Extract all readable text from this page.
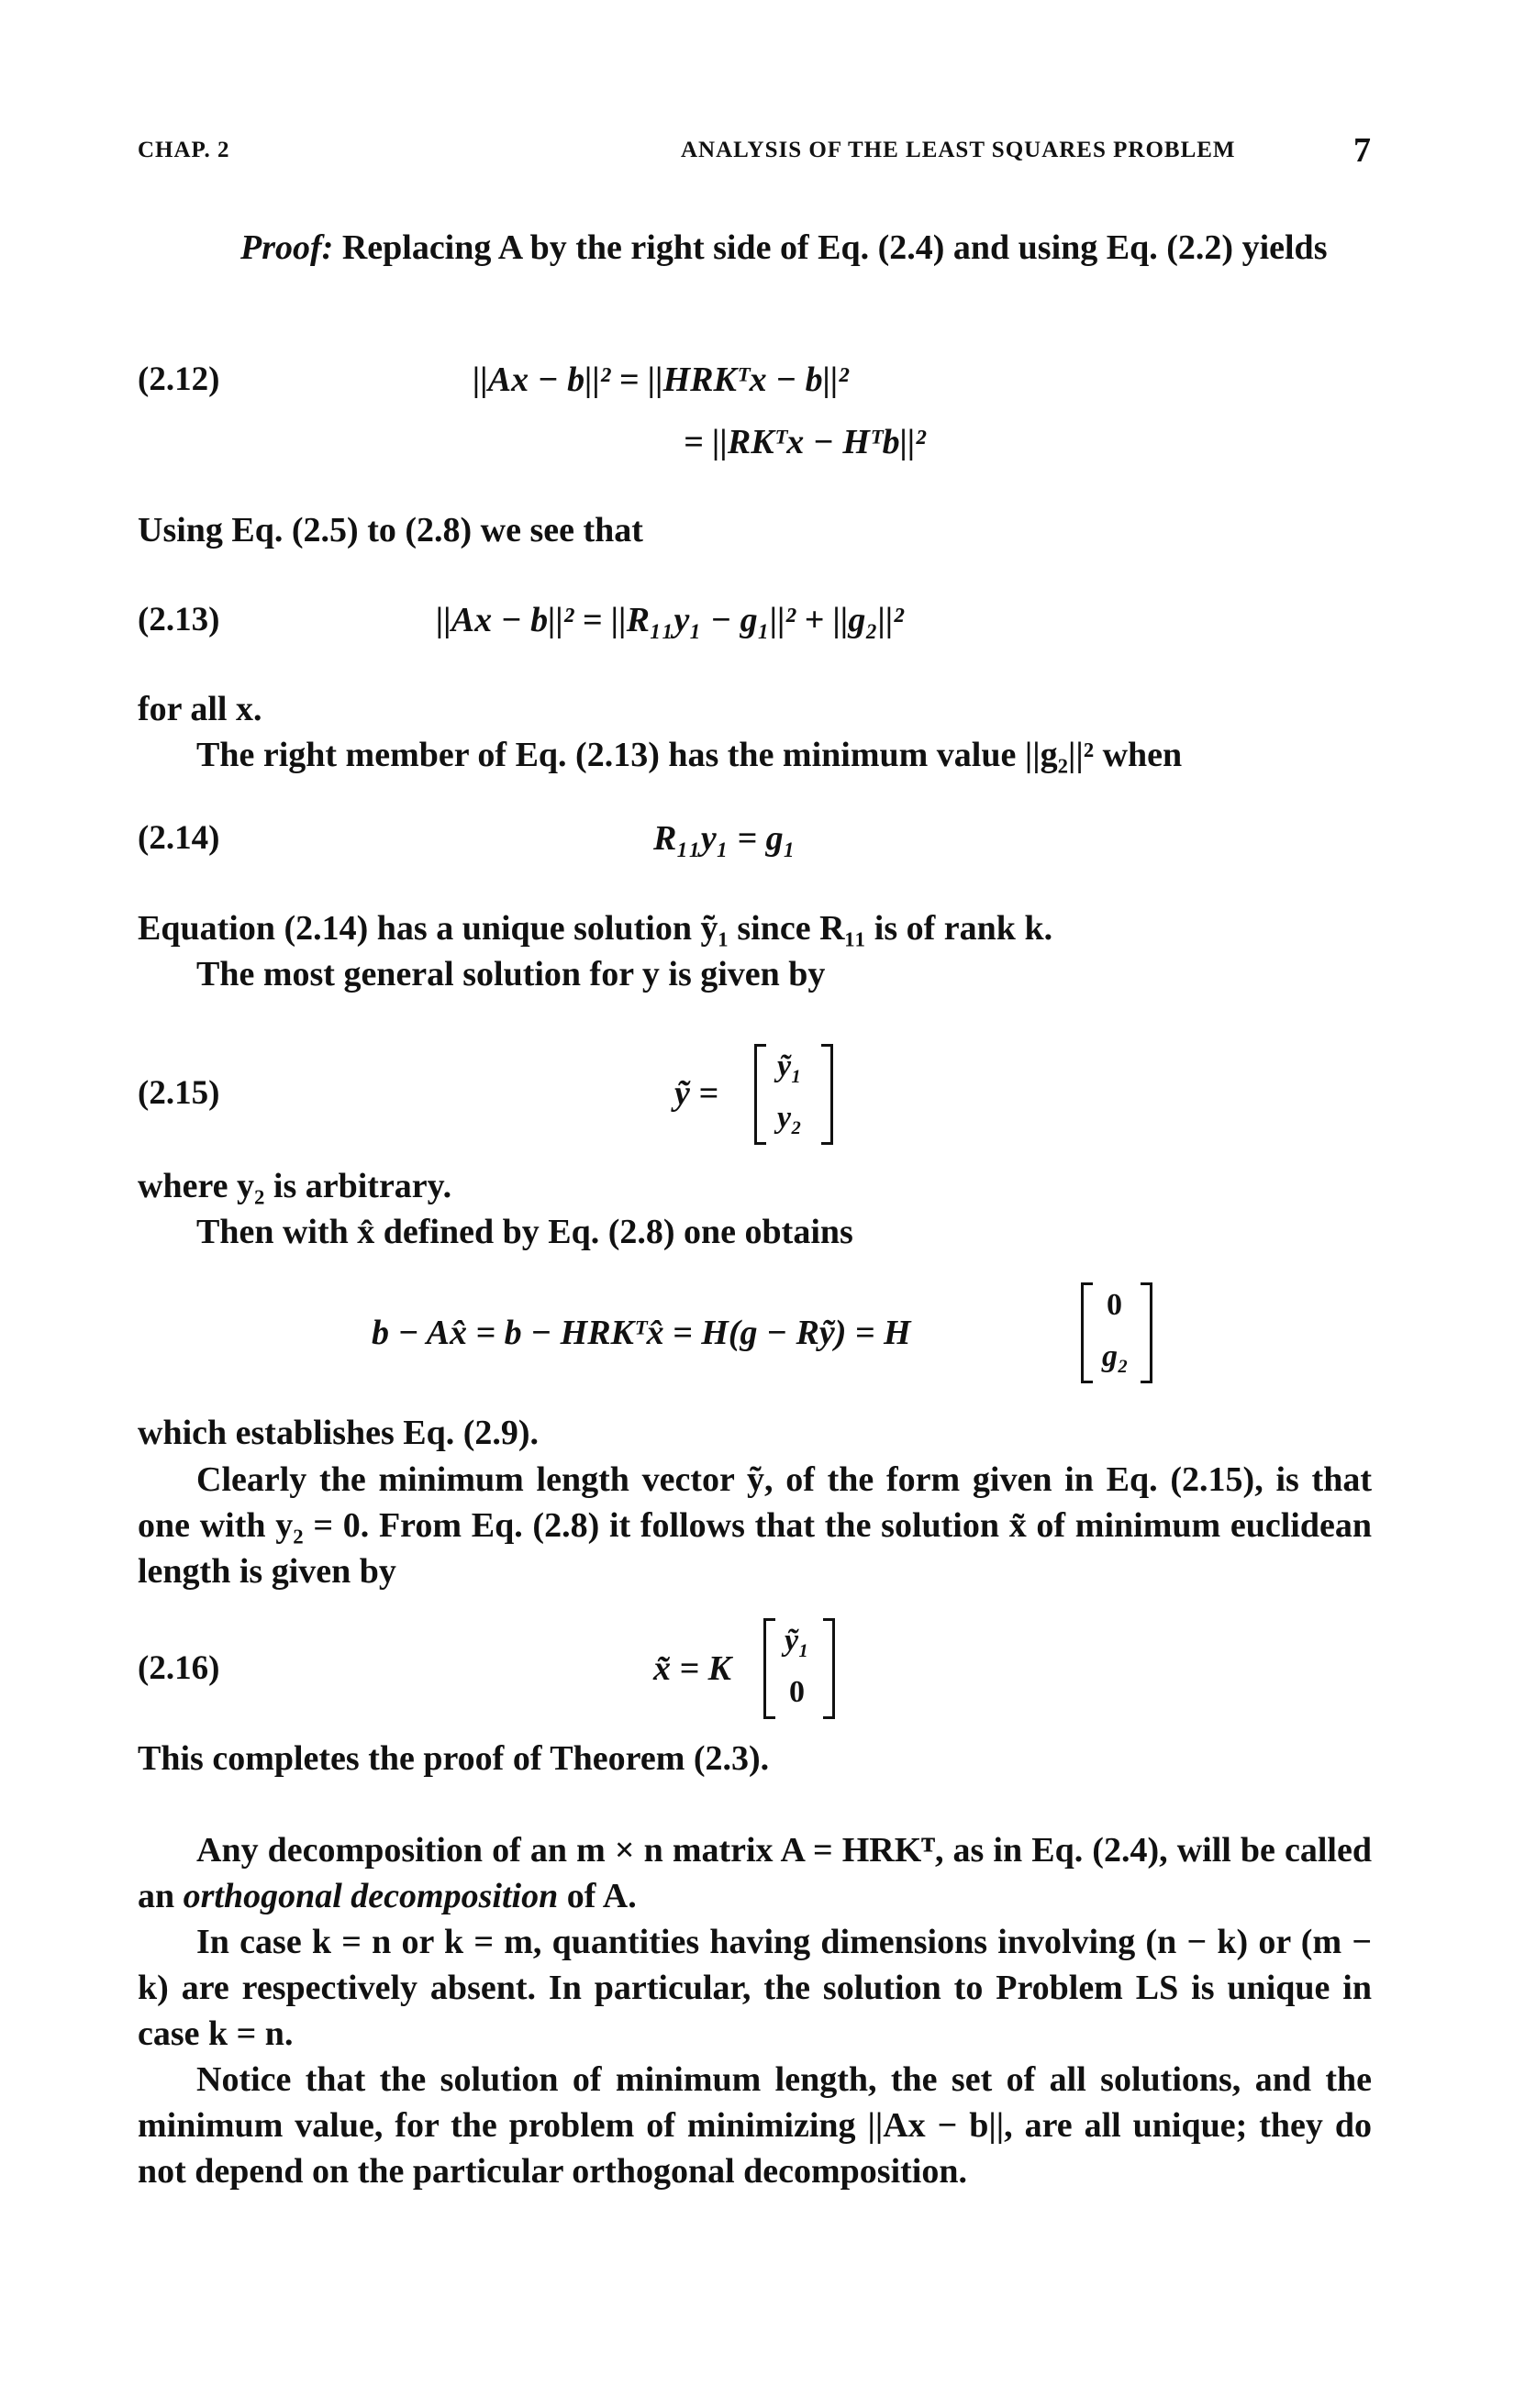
CHAP. 2	ANALYSIS OF THE LEAST SQUARES PROBLEM	7
Proof: Replacing A by the right side of Eq. (2.4) and using Eq. (2.2) yields
(2.12)	||Ax − b||² = ||HRKᵀx − b||²
= ||RKᵀx − Hᵀb||²
Using Eq. (2.5) to (2.8) we see that
(2.13)	||Ax − b||² = ||R₁₁y₁ − g₁||² + ||g₂||²
for all x.
The right member of Eq. (2.13) has the minimum value ||g₂||² when
(2.14)	R₁₁y₁ = g₁
Equation (2.14) has a unique solution ỹ₁ since R₁₁ is of rank k.
The most general solution for y is given by
(2.15)	ỹ =
ỹ₁
y₂
where y₂ is arbitrary.
Then with x̂ defined by Eq. (2.8) one obtains
b − Ax̂ = b − HRKᵀx̂ = H(g − Rỹ) = H
0
g₂
which establishes Eq. (2.9).
Clearly the minimum length vector ỹ, of the form given in Eq. (2.15), is that one with y₂ = 0. From Eq. (2.8) it follows that the solution x̃ of minimum euclidean length is given by
(2.16)	x̃ = K
ỹ₁
0
This completes the proof of Theorem (2.3).
Any decomposition of an m × n matrix A = HRKᵀ, as in Eq. (2.4), will be called an orthogonal decomposition of A.
In case k = n or k = m, quantities having dimensions involving (n − k) or (m − k) are respectively absent. In particular, the solution to Problem LS is unique in case k = n.
Notice that the solution of minimum length, the set of all solutions, and the minimum value, for the problem of minimizing ||Ax − b||, are all unique; they do not depend on the particular orthogonal decomposition.
